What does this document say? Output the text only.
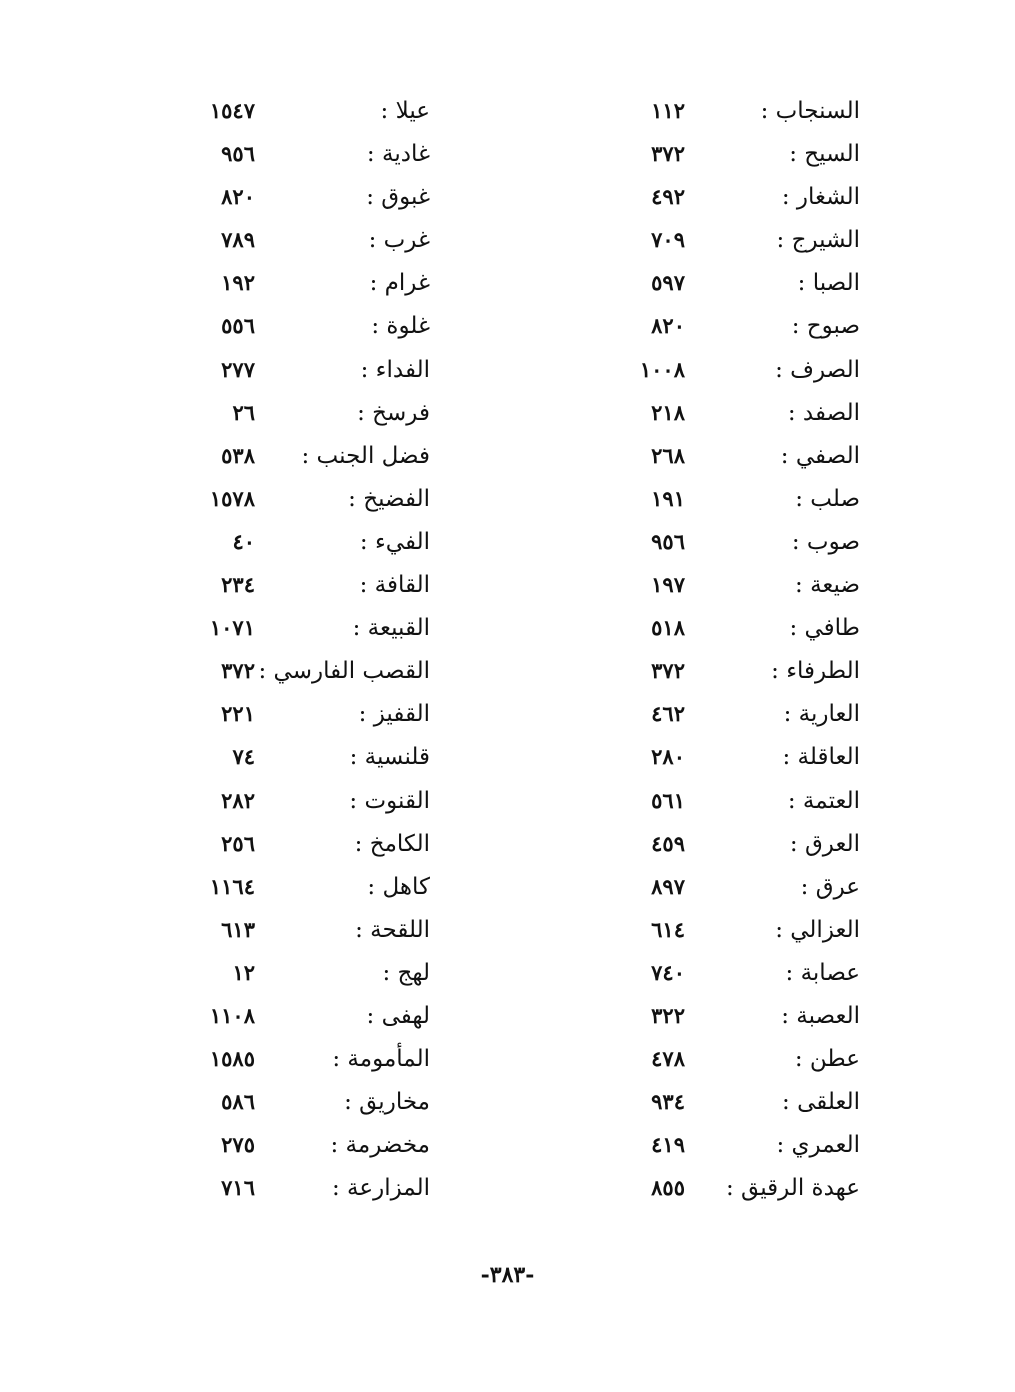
السنجاب :
١١٢
السيح :
٣٧٢
الشغار :
٤٩٢
الشيرج :
٧٠٩
الصبا :
٥٩٧
صبوح :
٨٢٠
الصرف :
١٠٠٨
الصفد :
٢١٨
الصفي :
٢٦٨
صلب :
١٩١
صوب :
٩٥٦
ضيعة :
١٩٧
طافي :
٥١٨
الطرفاء :
٣٧٢
العارية :
٤٦٢
العاقلة :
٢٨٠
العتمة :
٥٦١
العرق :
٤٥٩
عرق :
٨٩٧
العزالي :
٦١٤
عصابة :
٧٤٠
العصبة :
٣٢٢
عطن :
٤٧٨
العلقى :
٩٣٤
العمري :
٤١٩
عهدة الرقيق :
٨٥٥
عيلا :
١٥٤٧
غادية :
٩٥٦
غبوق :
٨٢٠
غرب :
٧٨٩
غرام :
١٩٢
غلوة :
٥٥٦
الفداء :
٢٧٧
فرسخ :
٢٦
فضل الجنب :
٥٣٨
الفضيخ :
١٥٧٨
الفيء :
٤٠
القافة :
٢٣٤
القبيعة :
١٠٧١
القصب الفارسي :
٣٧٢
القفيز :
٢٢١
قلنسية :
٧٤
القنوت :
٢٨٢
الكامخ :
٢٥٦
كاهل :
١١٦٤
اللقحة :
٦١٣
لهج :
١٢
لهفى :
١١٠٨
المأمومة :
١٥٨٥
مخاريق :
٥٨٦
مخضرمة :
٢٧٥
المزارعة :
٧١٦
-٣٨٣-
